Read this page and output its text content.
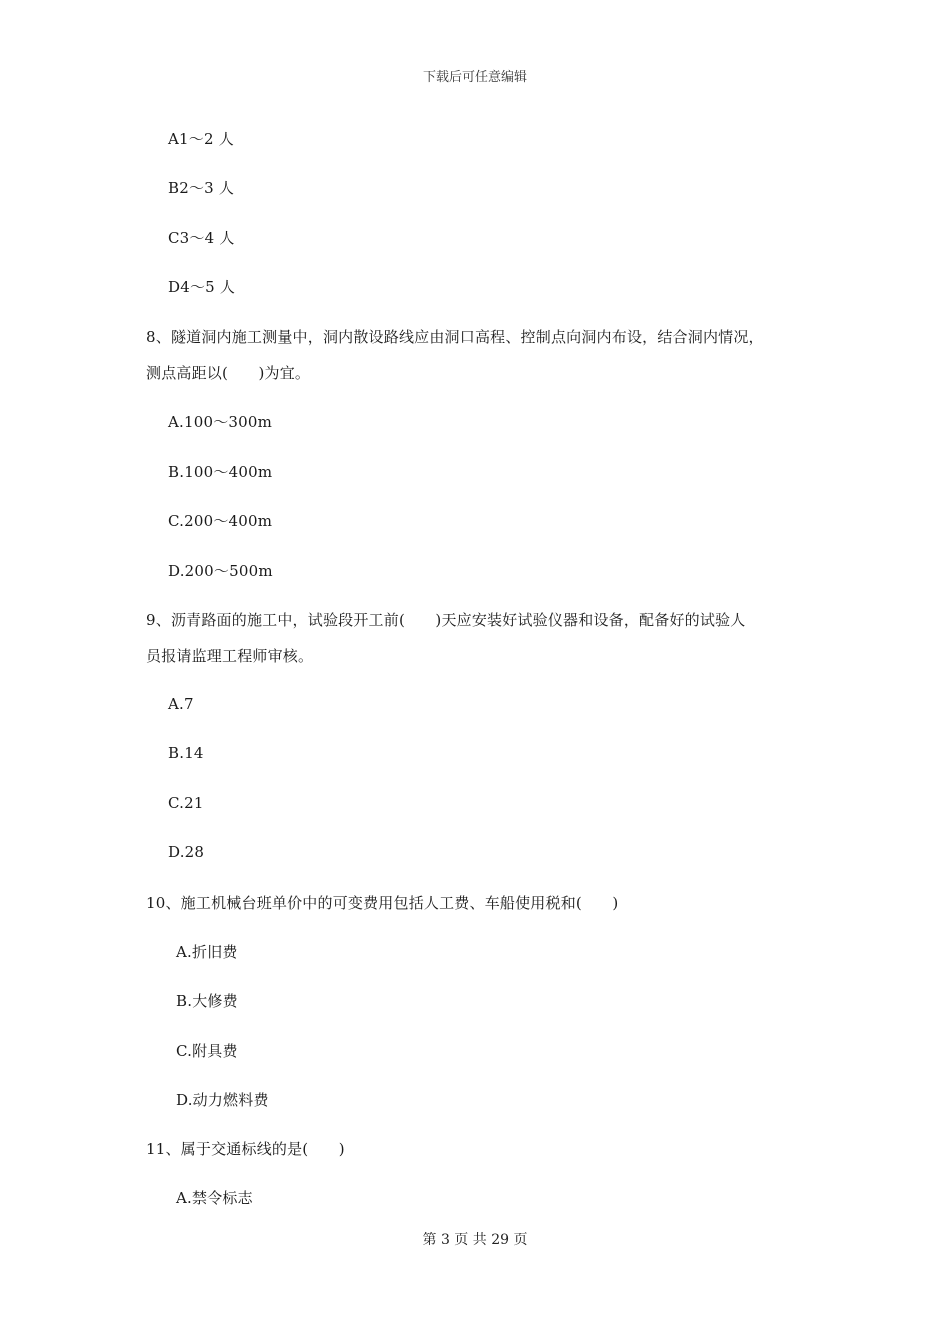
下载后可任意编辑
A1～2 人
B2～3 人
C3～4 人
D4～5 人
8、隧道洞内施工测量中，洞内散设路线应由洞口高程、控制点向洞内布设，结合洞内情况，
测点高距以(　　)为宜。
A.100～300m
B.100～400m
C.200～400m
D.200～500m
9、沥青路面的施工中，试验段开工前(　　)天应安装好试验仪器和设备，配备好的试验人
员报请监理工程师审核。
A.7
B.14
C.21
D.28
10、施工机械台班单价中的可变费用包括人工费、车船使用税和(　　)
A.折旧费
B.大修费
C.附具费
D.动力燃料费
11、属于交通标线的是(　　)
A.禁令标志
第 3 页 共 29 页
